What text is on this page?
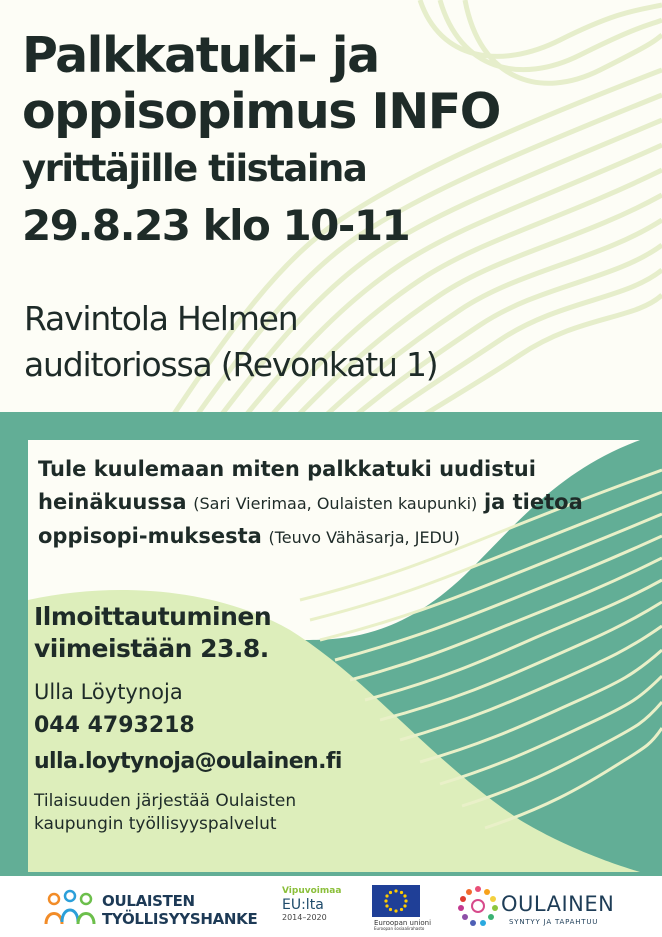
Palkkatuki- ja
oppisopimus INFO
yrittäjille tiistaina
29.8.23 klo 10-11
Ravintola Helmen
auditoriossa (Revonkatu 1)
Tule kuulemaan miten palkkatuki uudistui heinäkuussa (Sari Vierimaa, Oulaisten kaupunki) ja tietoa oppisopi-muksesta (Teuvo Vähäsarja, JEDU)
Ilmoittautuminen
viimeistään 23.8.
Ulla Löytynoja
044 4793218
ulla.loytynoja@oulainen.fi
Tilaisuuden järjestää Oulaisten
kaupungin työllisyyspalvelut
OULAISTEN
TYÖLLISYYSHANKE
Vipuvoimaa
EU:lta
2014–2020
Euroopan unioni
Euroopan sosiaalirahasto
OULAINEN
SYNTYY JA TAPAHTUU
